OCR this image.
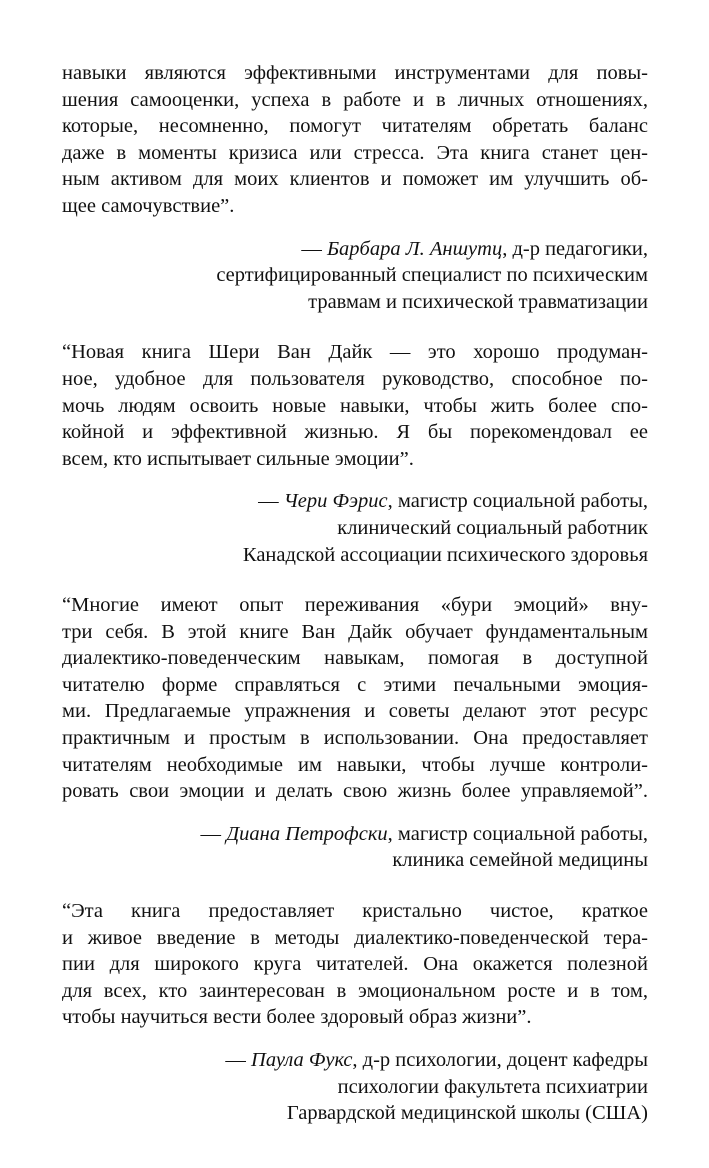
навыки являются эффективными инструментами для повы-
шения самооценки, успеха в работе и в личных отношениях,
которые, несомненно, помогут читателям обретать баланс
даже в моменты кризиса или стресса. Эта книга станет цен-
ным активом для моих клиентов и поможет им улучшить об-
щее самочувствие”.

— Барбара Л. Аншутц, д-р педагогики,
сертифицированный специалист по психическим
травмам и психической травматизации

“Новая книга Шери Ван Дайк — это хорошо продуман-
ное, удобное для пользователя руководство, способное по-
мочь людям освоить новые навыки, чтобы жить более спо-
койной и эффективной жизнью. Я бы порекомендовал ее
всем, кто испытывает сильные эмоции”.

— Чери Фэрис, магистр социальной работы,
клинический социальный работник
Канадской ассоциации психического здоровья

“Многие имеют опыт переживания «бури эмоций» вну-
три себя. В этой книге Ван Дайк обучает фундаментальным
диалектико-поведенческим навыкам, помогая в доступной
читателю форме справляться с этими печальными эмоция-
ми. Предлагаемые упражнения и советы делают этот ресурс
практичным и простым в использовании. Она предоставляет
читателям необходимые им навыки, чтобы лучше контроли-
ровать свои эмоции и делать свою жизнь более управляемой”.

— Диана Петрофски, магистр социальной работы,
клиника семейной медицины

“Эта книга предоставляет кристально чистое, краткое
и живое введение в методы диалектико-поведенческой тера-
пии для широкого круга читателей. Она окажется полезной
для всех, кто заинтересован в эмоциональном росте и в том,
чтобы научиться вести более здоровый образ жизни”.

— Паула Фукс, д-р психологии, доцент кафедры
психологии факультета психиатрии
Гарвардской медицинской школы (США)
